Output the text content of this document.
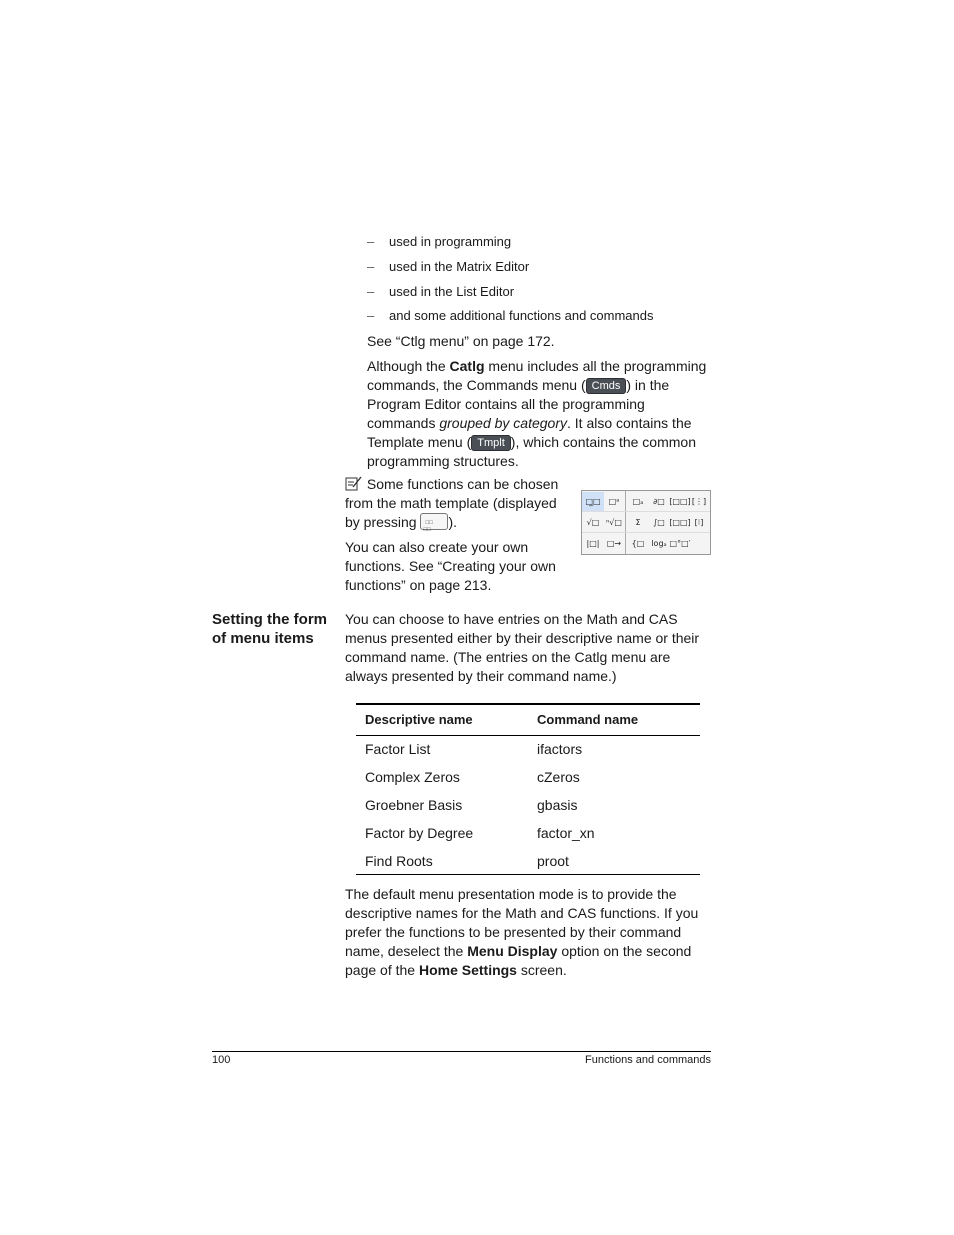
– used in programming
– used in the Matrix Editor
– used in the List Editor
– and some additional functions and commands
See “Ctlg menu” on page 172.
Although the Catlg menu includes all the programming commands, the Commands menu ( Cmds ) in the Program Editor contains all the programming commands grouped by category. It also contains the Template menu ( Tmplt ), which contains the common programming structures.
Some functions can be chosen from the math template (displayed by pressing □□
□□ ).
□̲□	□ᵃ	□ₐ	∂□ [□□] [⋮]
√□ ⁿ√□	Σ	∫□ [□□] [⁝]
|□| □→	{□ logₐ □°□′
You can also create your own functions. See “Creating your own functions” on page 213.
Setting the form
of menu items
You can choose to have entries on the Math and CAS menus presented either by their descriptive name or their command name. (The entries on the Catlg menu are always presented by their command name.)
Descriptive name	Command name
Factor List	ifactors
Complex Zeros	cZeros
Groebner Basis	gbasis
Factor by Degree	factor_xn
Find Roots	proot
The default menu presentation mode is to provide the descriptive names for the Math and CAS functions. If you prefer the functions to be presented by their command name, deselect the Menu Display option on the second page of the Home Settings screen.
100	Functions and commands
